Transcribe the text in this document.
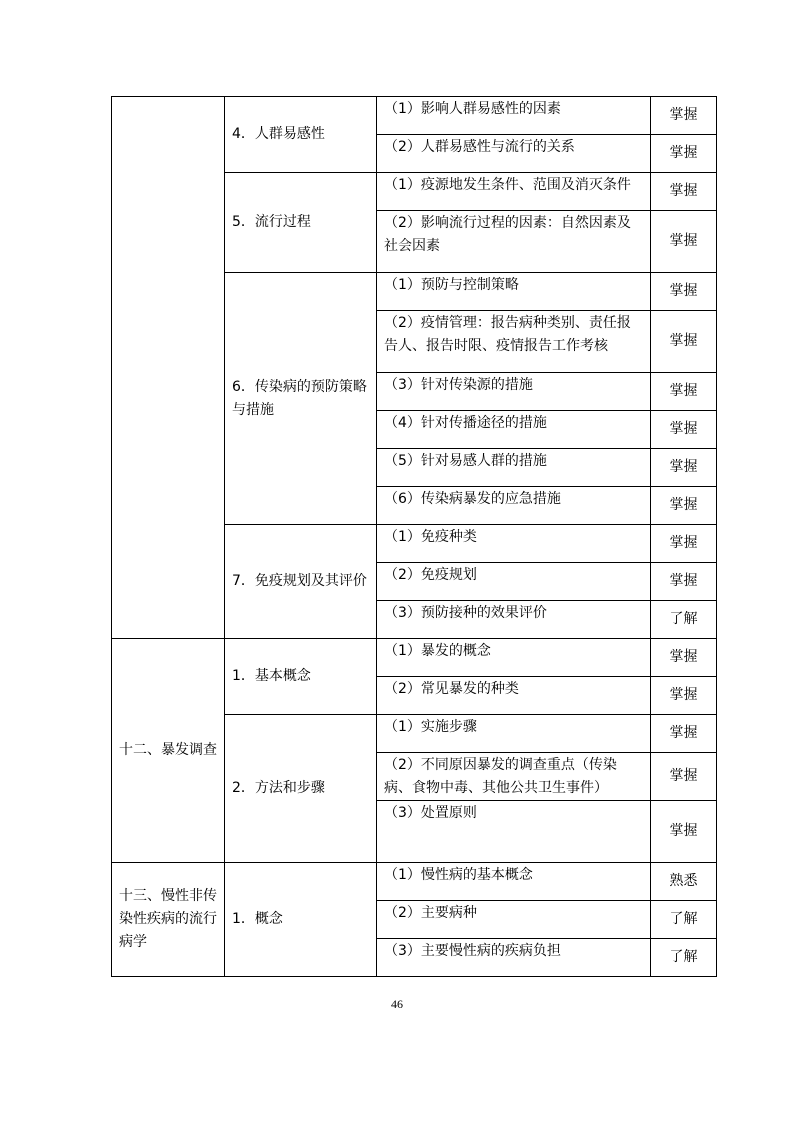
	4．人群易感性	（1）影响人群易感性的因素	掌握
		（2）人群易感性与流行的关系	掌握
	5．流行过程	（1）疫源地发生条件、范围及消灭条件	掌握
		（2）影响流行过程的因素：自然因素及社会因素	掌握
	6．传染病的预防策略与措施	（1）预防与控制策略	掌握
		（2）疫情管理：报告病种类别、责任报告人、报告时限、疫情报告工作考核	掌握
		（3）针对传染源的措施	掌握
		（4）针对传播途径的措施	掌握
		（5）针对易感人群的措施	掌握
		（6）传染病暴发的应急措施	掌握
	7．免疫规划及其评价	（1）免疫种类	掌握
		（2）免疫规划	掌握
		（3）预防接种的效果评价	了解
十二、暴发调查	1．基本概念	（1）暴发的概念	掌握
		（2）常见暴发的种类	掌握
	2．方法和步骤	（1）实施步骤	掌握
		（2）不同原因暴发的调查重点（传染病、食物中毒、其他公共卫生事件）	掌握
		（3）处置原则	掌握
十三、慢性非传染性疾病的流行病学	1．概念	（1）慢性病的基本概念	熟悉
		（2）主要病种	了解
		（3）主要慢性病的疾病负担	了解
46
